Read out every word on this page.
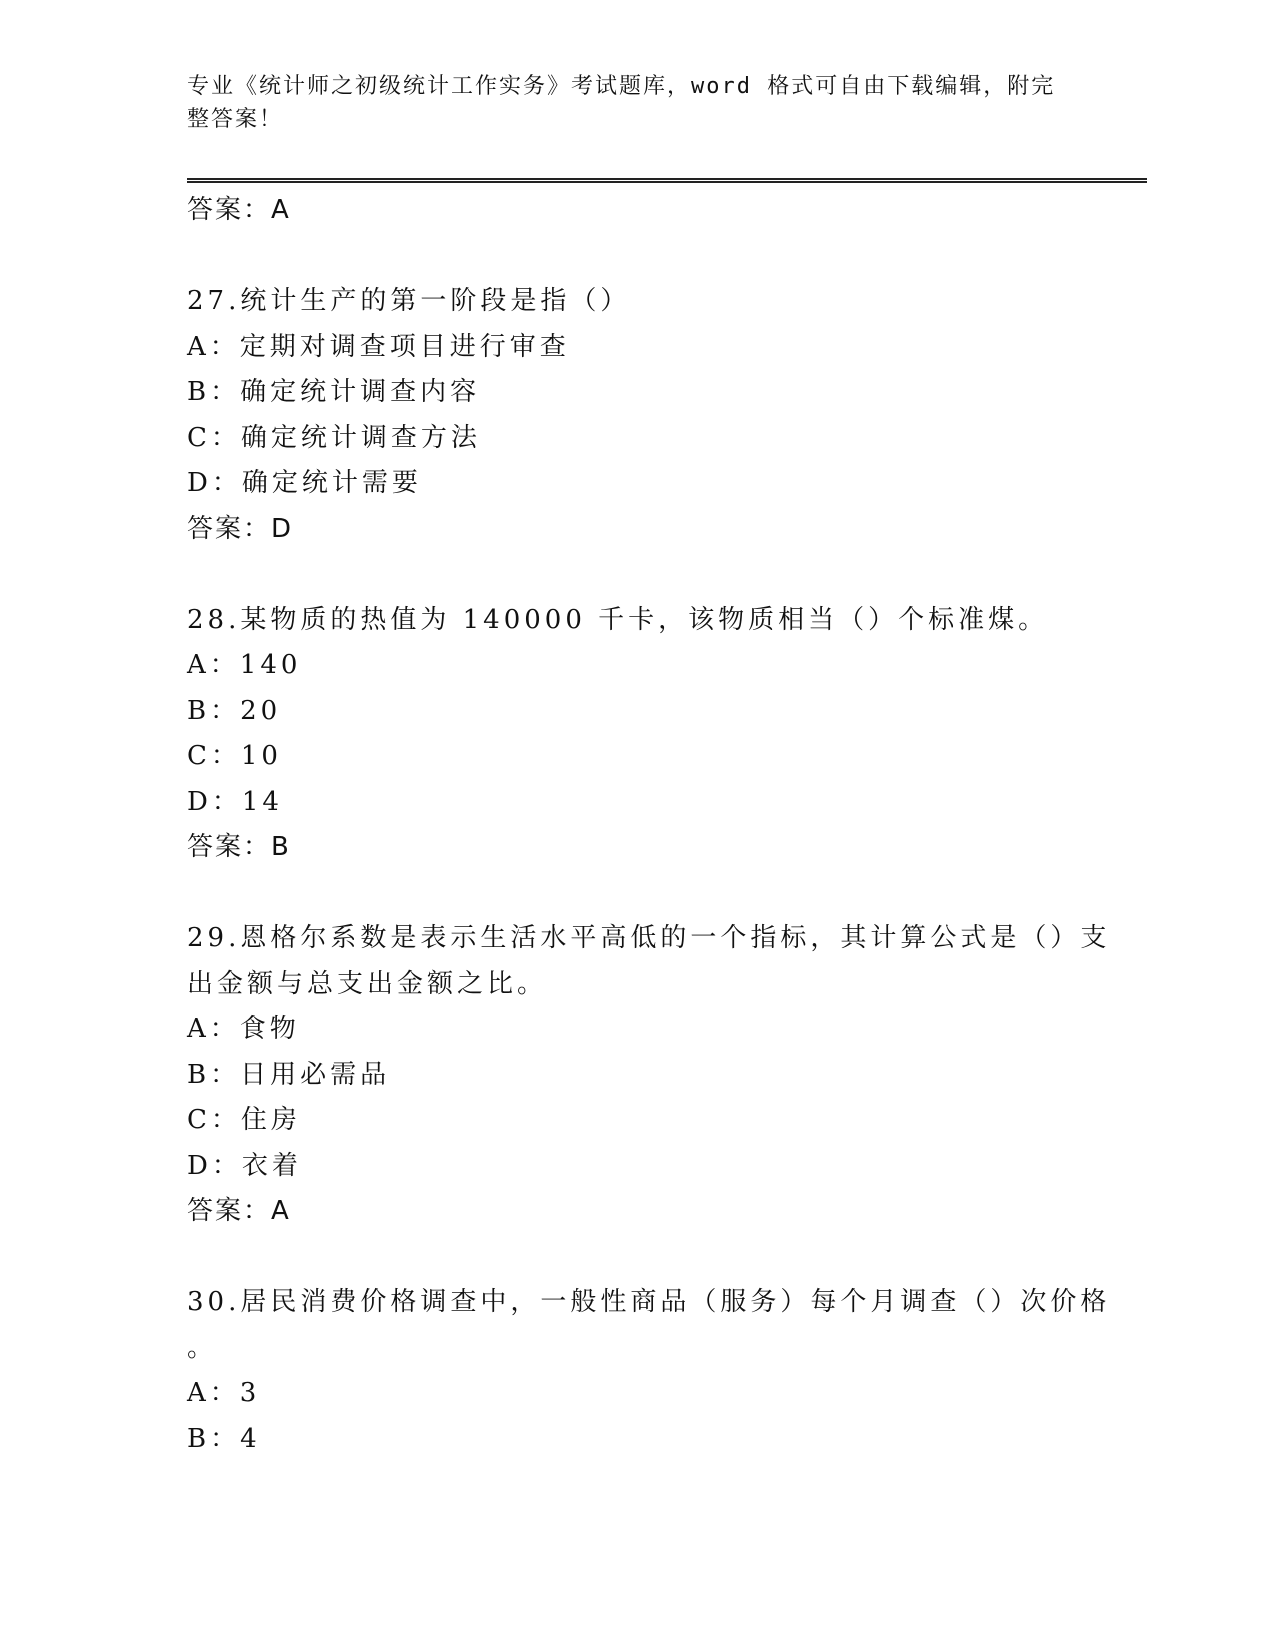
专业《统计师之初级统计工作实务》考试题库，word 格式可自由下载编辑，附完
整答案！
答案：A
27.统计生产的第一阶段是指（）
A：定期对调查项目进行审查
B：确定统计调查内容
C：确定统计调查方法
D：确定统计需要
答案：D
28.某物质的热值为 140000 千卡，该物质相当（）个标准煤。
A：140
B：20
C：10
D：14
答案：B
29.恩格尔系数是表示生活水平高低的一个指标，其计算公式是（）支
出金额与总支出金额之比。
A：食物
B：日用必需品
C：住房
D：衣着
答案：A
30.居民消费价格调查中，一般性商品（服务）每个月调查（）次价格
。
A：3
B：4
